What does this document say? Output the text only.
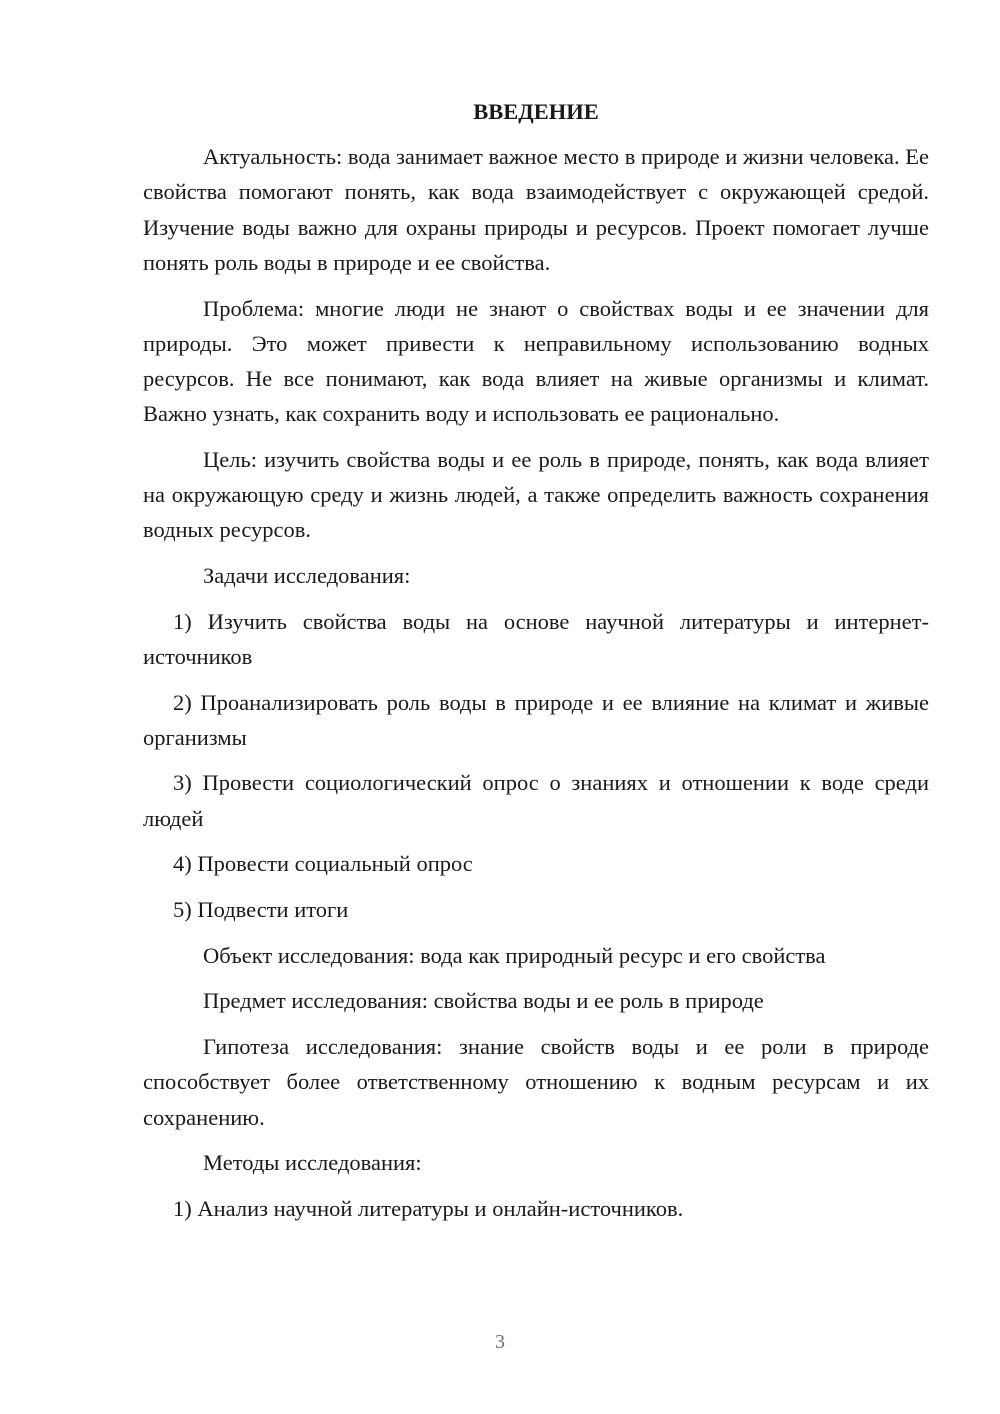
ВВЕДЕНИЕ

Актуальность: вода занимает важное место в природе и жизни человека. Ее свойства помогают понять, как вода взаимодействует с окружающей средой. Изучение воды важно для охраны природы и ресурсов. Проект помогает лучше понять роль воды в природе и ее свойства.

Проблема: многие люди не знают о свойствах воды и ее значении для природы. Это может привести к неправильному использованию водных ресурсов. Не все понимают, как вода влияет на живые организмы и климат. Важно узнать, как сохранить воду и использовать ее рационально.

Цель: изучить свойства воды и ее роль в природе, понять, как вода влияет на окружающую среду и жизнь людей, а также определить важность сохранения водных ресурсов.

Задачи исследования:

1) Изучить свойства воды на основе научной литературы и интернет-источников

2) Проанализировать роль воды в природе и ее влияние на климат и живые организмы

3) Провести социологический опрос о знаниях и отношении к воде среди людей

4) Провести социальный опрос

5) Подвести итоги

Объект исследования: вода как природный ресурс и его свойства

Предмет исследования: свойства воды и ее роль в природе

Гипотеза исследования: знание свойств воды и ее роли в природе способствует более ответственному отношению к водным ресурсам и их сохранению.

Методы исследования:

1) Анализ научной литературы и онлайн-источников.

3
